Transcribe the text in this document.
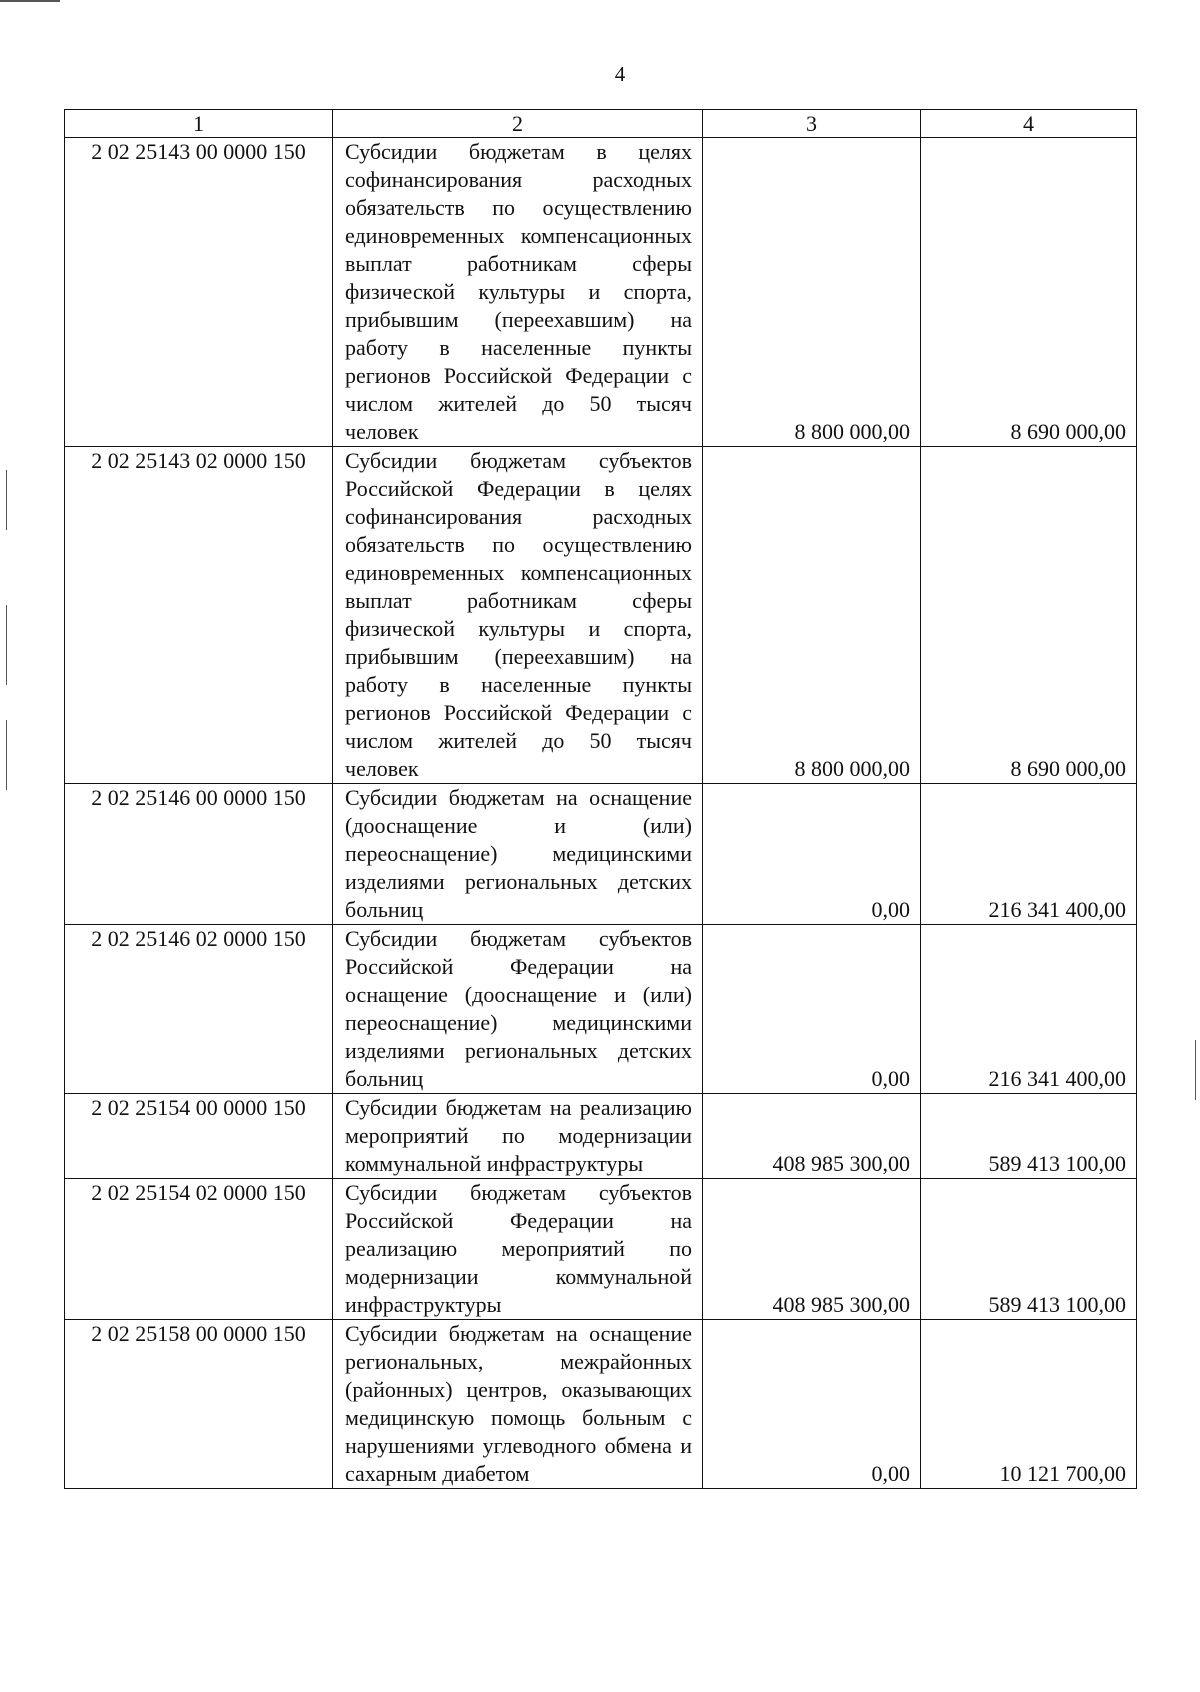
4
1	2	3	4
2 02 25143 00 0000 150	Субсидии бюджетам в целях софинансирования расходных обязательств по осуществлению единовременных компенсационных выплат работникам сферы физической культуры и спорта, прибывшим (переехавшим) на работу в населенные пункты регионов Российской Федерации с числом жителей до 50 тысяч человек	8 800 000,00	8 690 000,00
2 02 25143 02 0000 150	Субсидии бюджетам субъектов Российской Федерации в целях софинансирования расходных обязательств по осуществлению единовременных компенсационных выплат работникам сферы физической культуры и спорта, прибывшим (переехавшим) на работу в населенные пункты регионов Российской Федерации с числом жителей до 50 тысяч человек	8 800 000,00	8 690 000,00
2 02 25146 00 0000 150	Субсидии бюджетам на оснащение (дооснащение и (или) переоснащение) медицинскими изделиями региональных детских больниц	0,00	216 341 400,00
2 02 25146 02 0000 150	Субсидии бюджетам субъектов Российской Федерации на оснащение (дооснащение и (или) переоснащение) медицинскими изделиями региональных детских больниц	0,00	216 341 400,00
2 02 25154 00 0000 150	Субсидии бюджетам на реализацию мероприятий по модернизации коммунальной инфраструктуры	408 985 300,00	589 413 100,00
2 02 25154 02 0000 150	Субсидии бюджетам субъектов Российской Федерации на реализацию мероприятий по модернизации коммунальной инфраструктуры	408 985 300,00	589 413 100,00
2 02 25158 00 0000 150	Субсидии бюджетам на оснащение региональных, межрайонных (районных) центров, оказывающих медицинскую помощь больным с нарушениями углеводного обмена и сахарным диабетом	0,00	10 121 700,00
